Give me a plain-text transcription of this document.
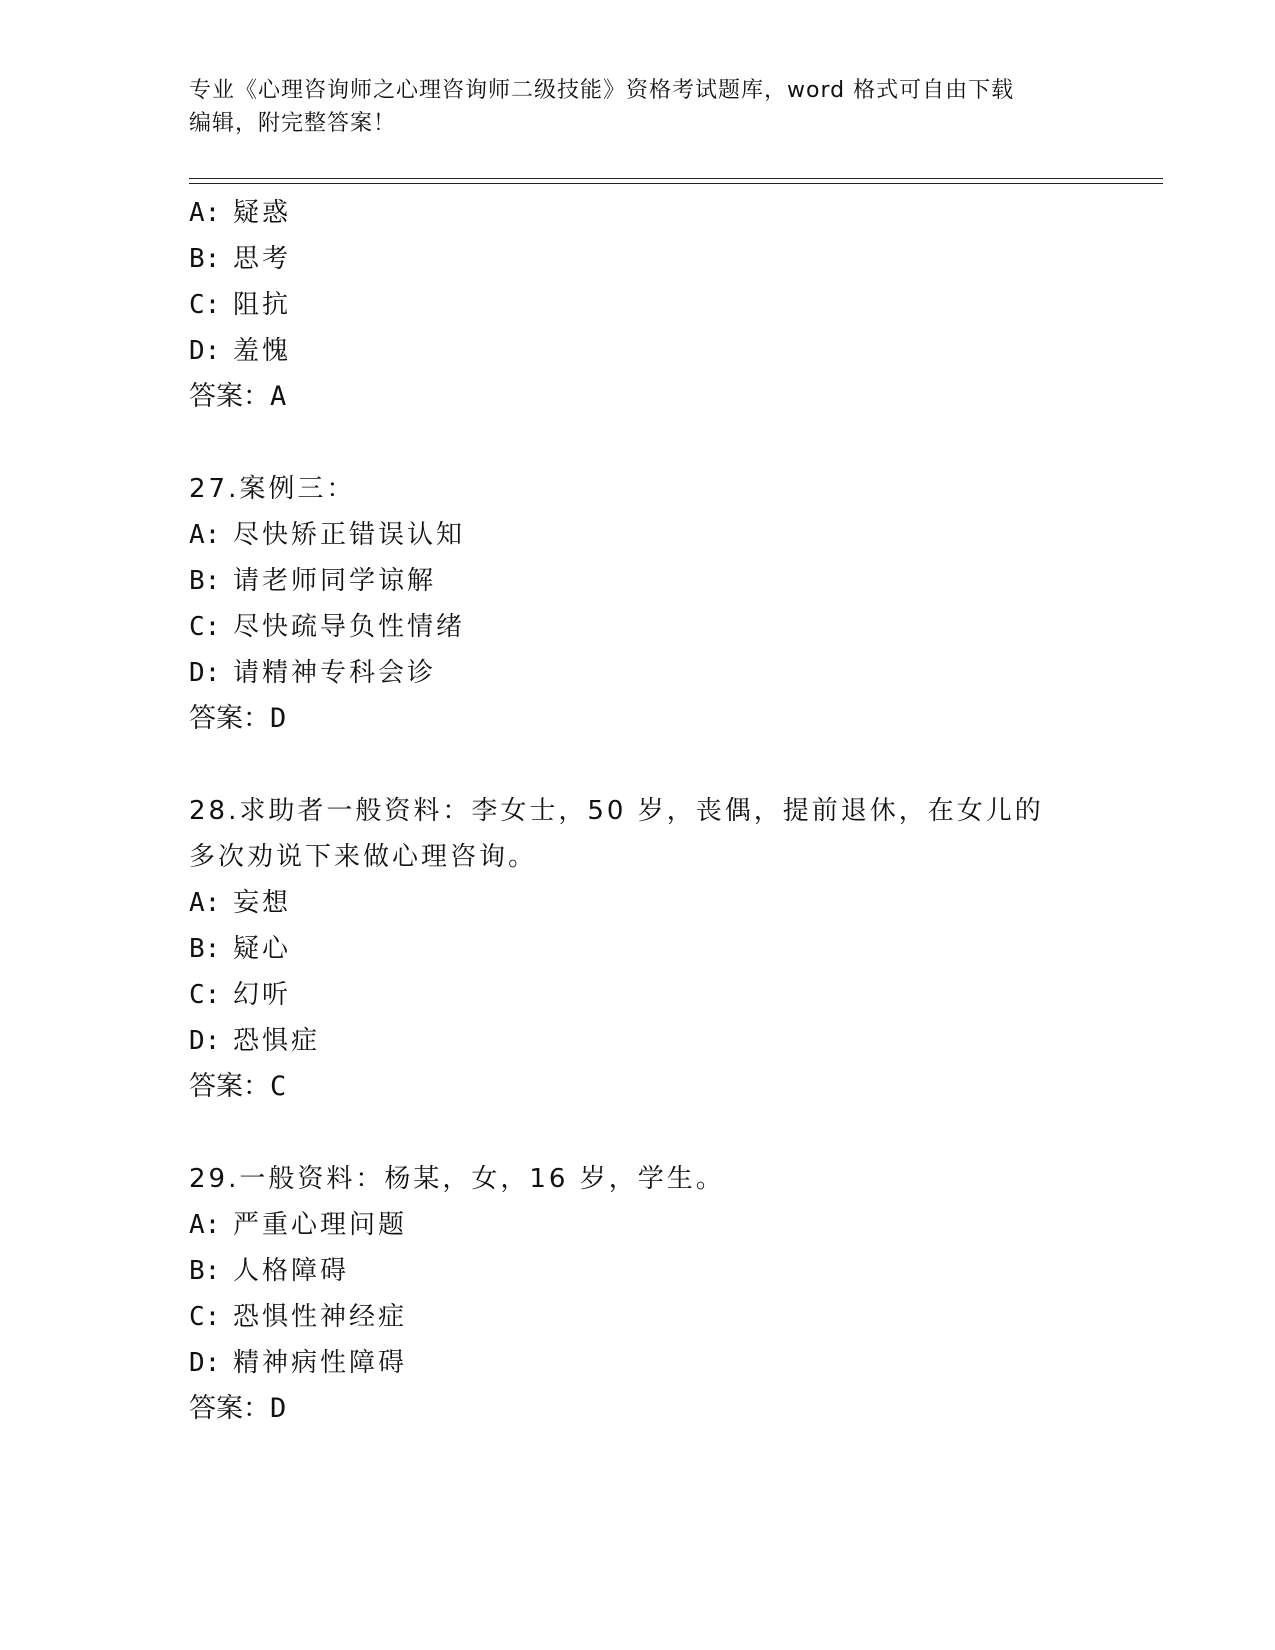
专业《心理咨询师之心理咨询师二级技能》资格考试题库，word 格式可自由下载
编辑，附完整答案！
A: 疑惑
B: 思考
C: 阻抗
D: 羞愧
答案：A
27.案例三：
A: 尽快矫正错误认知
B: 请老师同学谅解
C: 尽快疏导负性情绪
D: 请精神专科会诊
答案：D
28.求助者一般资料：李女士，50 岁，丧偶，提前退休，在女儿的多次劝说下来做心理咨询。
A: 妄想
B: 疑心
C: 幻听
D: 恐惧症
答案：C
29.一般资料：杨某，女，16 岁，学生。
A: 严重心理问题
B: 人格障碍
C: 恐惧性神经症
D: 精神病性障碍
答案：D
